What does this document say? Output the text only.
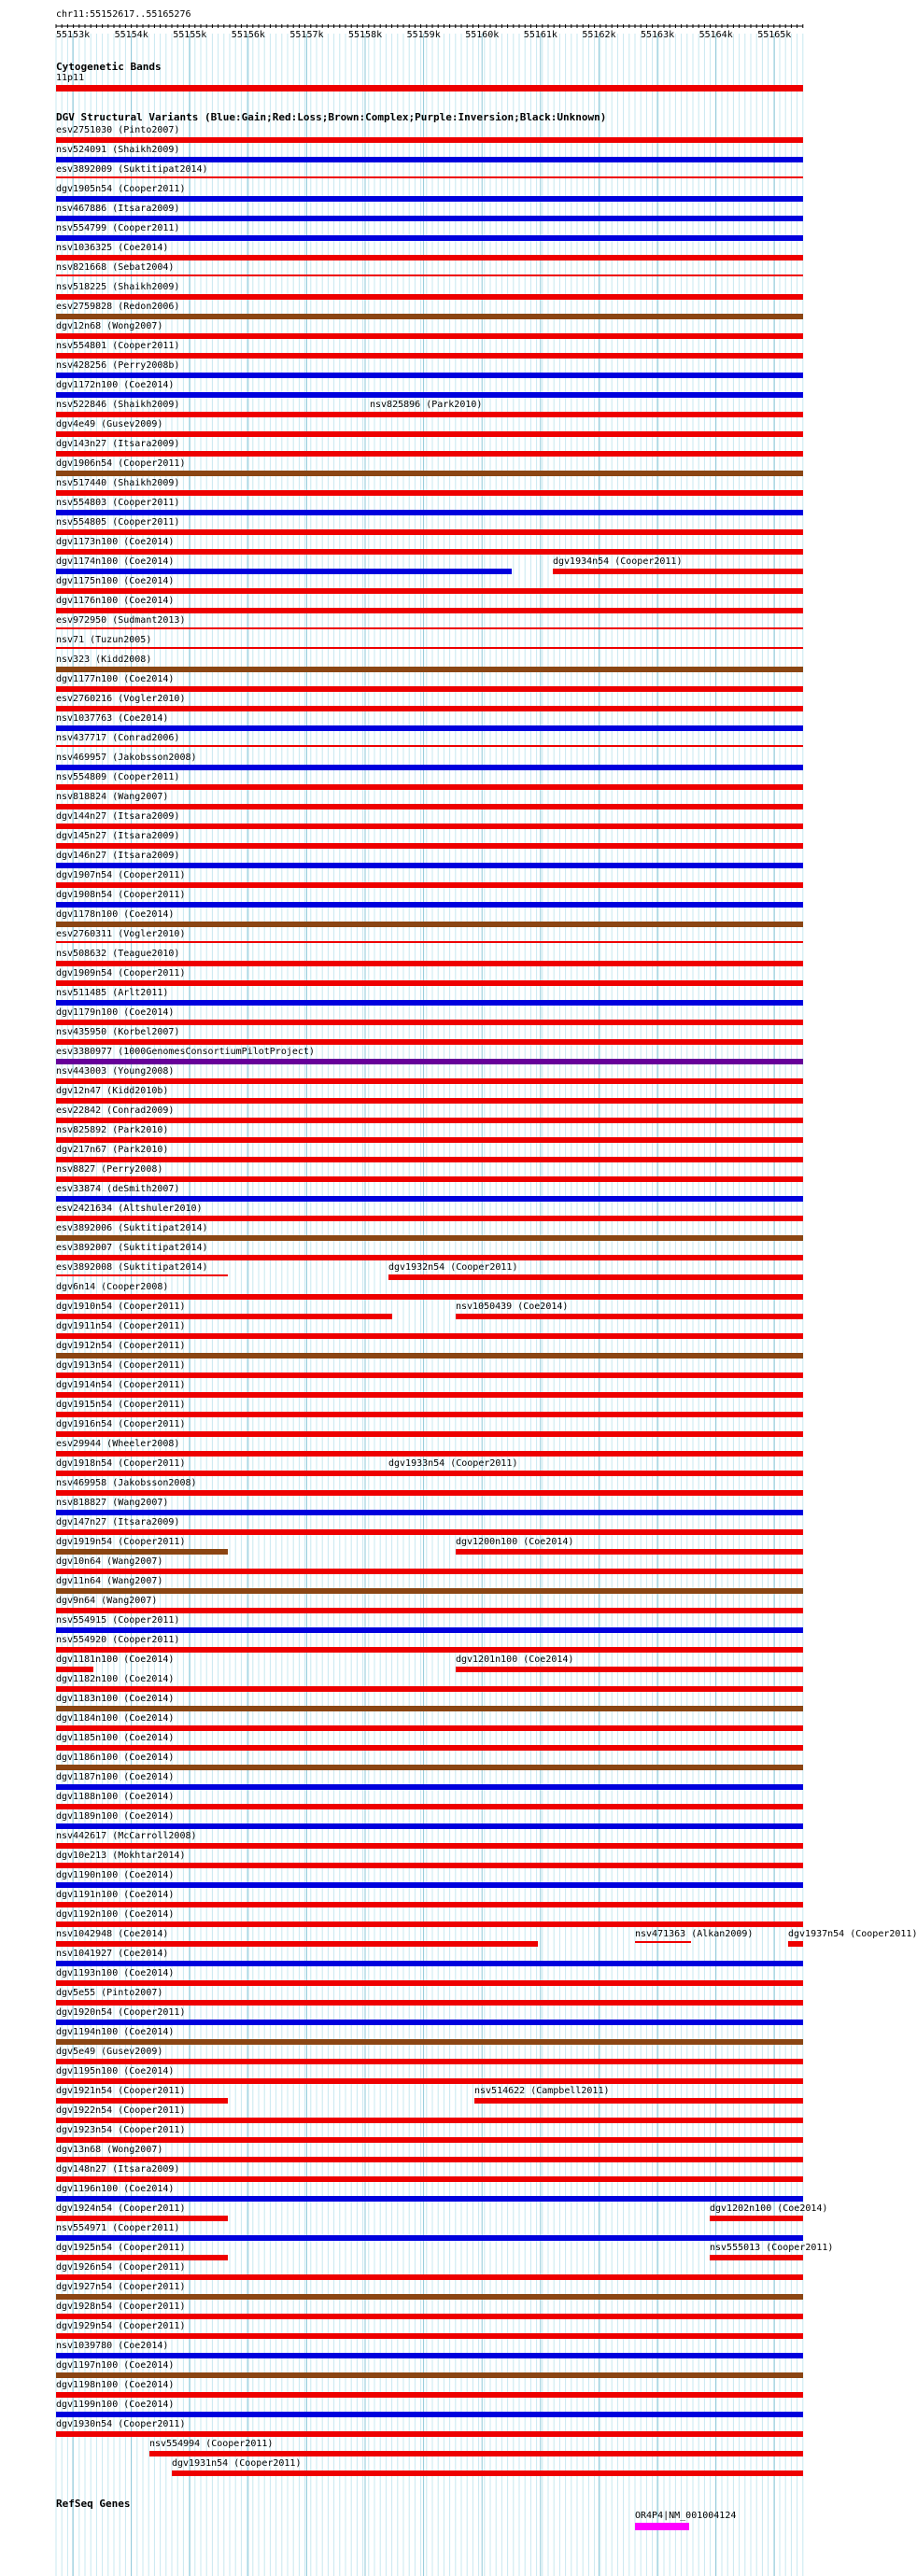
chr11:55152617..55165276
55153k	55154k	55155k	55156k	55157k	55158k	55159k	55160k	55161k	55162k	55163k	55164k	55165k
Cytogenetic Bands
11p11
DGV Structural Variants (Blue:Gain;Red:Loss;Brown:Complex;Purple:Inversion;Black:Unknown)
esv2751030 (Pinto2007)
nsv524091 (Shaikh2009)
esv3892009 (Suktitipat2014)
dgv1905n54 (Cooper2011)
nsv467886 (Itsara2009)
nsv554799 (Cooper2011)
nsv1036325 (Coe2014)
nsv821668 (Sebat2004)
nsv518225 (Shaikh2009)
esv2759828 (Redon2006)
dgv12n68 (Wong2007)
nsv554801 (Cooper2011)
nsv428256 (Perry2008b)
dgv1172n100 (Coe2014)
nsv522846 (Shaikh2009)	nsv825896 (Park2010)
dgv4e49 (Gusev2009)
dgv143n27 (Itsara2009)
dgv1906n54 (Cooper2011)
nsv517440 (Shaikh2009)
nsv554803 (Cooper2011)
nsv554805 (Cooper2011)
dgv1173n100 (Coe2014)
dgv1174n100 (Coe2014)	dgv1934n54 (Cooper2011)
dgv1175n100 (Coe2014)
dgv1176n100 (Coe2014)
esv972950 (Sudmant2013)
nsv71 (Tuzun2005)
nsv323 (Kidd2008)
dgv1177n100 (Coe2014)
esv2760216 (Vogler2010)
nsv1037763 (Coe2014)
nsv437717 (Conrad2006)
nsv469957 (Jakobsson2008)
nsv554809 (Cooper2011)
nsv818824 (Wang2007)
dgv144n27 (Itsara2009)
dgv145n27 (Itsara2009)
dgv146n27 (Itsara2009)
dgv1907n54 (Cooper2011)
dgv1908n54 (Cooper2011)
dgv1178n100 (Coe2014)
esv2760311 (Vogler2010)
nsv508632 (Teague2010)
dgv1909n54 (Cooper2011)
nsv511485 (Arlt2011)
dgv1179n100 (Coe2014)
nsv435950 (Korbel2007)
esv3380977 (1000GenomesConsortiumPilotProject)
nsv443003 (Young2008)
dgv12n47 (Kidd2010b)
esv22842 (Conrad2009)
nsv825892 (Park2010)
dgv217n67 (Park2010)
nsv8827 (Perry2008)
esv33874 (deSmith2007)
esv2421634 (Altshuler2010)
esv3892006 (Suktitipat2014)
esv3892007 (Suktitipat2014)
esv3892008 (Suktitipat2014)	dgv1932n54 (Cooper2011)
dgv6n14 (Cooper2008)
dgv1910n54 (Cooper2011)	nsv1050439 (Coe2014)
dgv1911n54 (Cooper2011)
dgv1912n54 (Cooper2011)
dgv1913n54 (Cooper2011)
dgv1914n54 (Cooper2011)
dgv1915n54 (Cooper2011)
dgv1916n54 (Cooper2011)
esv29944 (Wheeler2008)
dgv1918n54 (Cooper2011)	dgv1933n54 (Cooper2011)
nsv469958 (Jakobsson2008)
nsv818827 (Wang2007)
dgv147n27 (Itsara2009)
dgv1919n54 (Cooper2011)	dgv1200n100 (Coe2014)
dgv10n64 (Wang2007)
dgv11n64 (Wang2007)
dgv9n64 (Wang2007)
nsv554915 (Cooper2011)
nsv554920 (Cooper2011)
dgv1181n100 (Coe2014)	dgv1201n100 (Coe2014)
dgv1182n100 (Coe2014)
dgv1183n100 (Coe2014)
dgv1184n100 (Coe2014)
dgv1185n100 (Coe2014)
dgv1186n100 (Coe2014)
dgv1187n100 (Coe2014)
dgv1188n100 (Coe2014)
dgv1189n100 (Coe2014)
nsv442617 (McCarroll2008)
dgv10e213 (Mokhtar2014)
dgv1190n100 (Coe2014)
dgv1191n100 (Coe2014)
dgv1192n100 (Coe2014)
nsv1042948 (Coe2014)	nsv471363 (Alkan2009)	dgv1937n54 (Cooper2011)
nsv1041927 (Coe2014)
dgv1193n100 (Coe2014)
dgv5e55 (Pinto2007)
dgv1920n54 (Cooper2011)
dgv1194n100 (Coe2014)
dgv5e49 (Gusev2009)
dgv1195n100 (Coe2014)
dgv1921n54 (Cooper2011)	nsv514622 (Campbell2011)
dgv1922n54 (Cooper2011)
dgv1923n54 (Cooper2011)
dgv13n68 (Wong2007)
dgv148n27 (Itsara2009)
dgv1196n100 (Coe2014)
dgv1924n54 (Cooper2011)	dgv1202n100 (Coe2014)
nsv554971 (Cooper2011)
dgv1925n54 (Cooper2011)	nsv555013 (Cooper2011)
dgv1926n54 (Cooper2011)
dgv1927n54 (Cooper2011)
dgv1928n54 (Cooper2011)
dgv1929n54 (Cooper2011)
nsv1039780 (Coe2014)
dgv1197n100 (Coe2014)
dgv1198n100 (Coe2014)
dgv1199n100 (Coe2014)
dgv1930n54 (Cooper2011)
nsv554994 (Cooper2011)
dgv1931n54 (Cooper2011)
RefSeq Genes
OR4P4|NM_001004124
